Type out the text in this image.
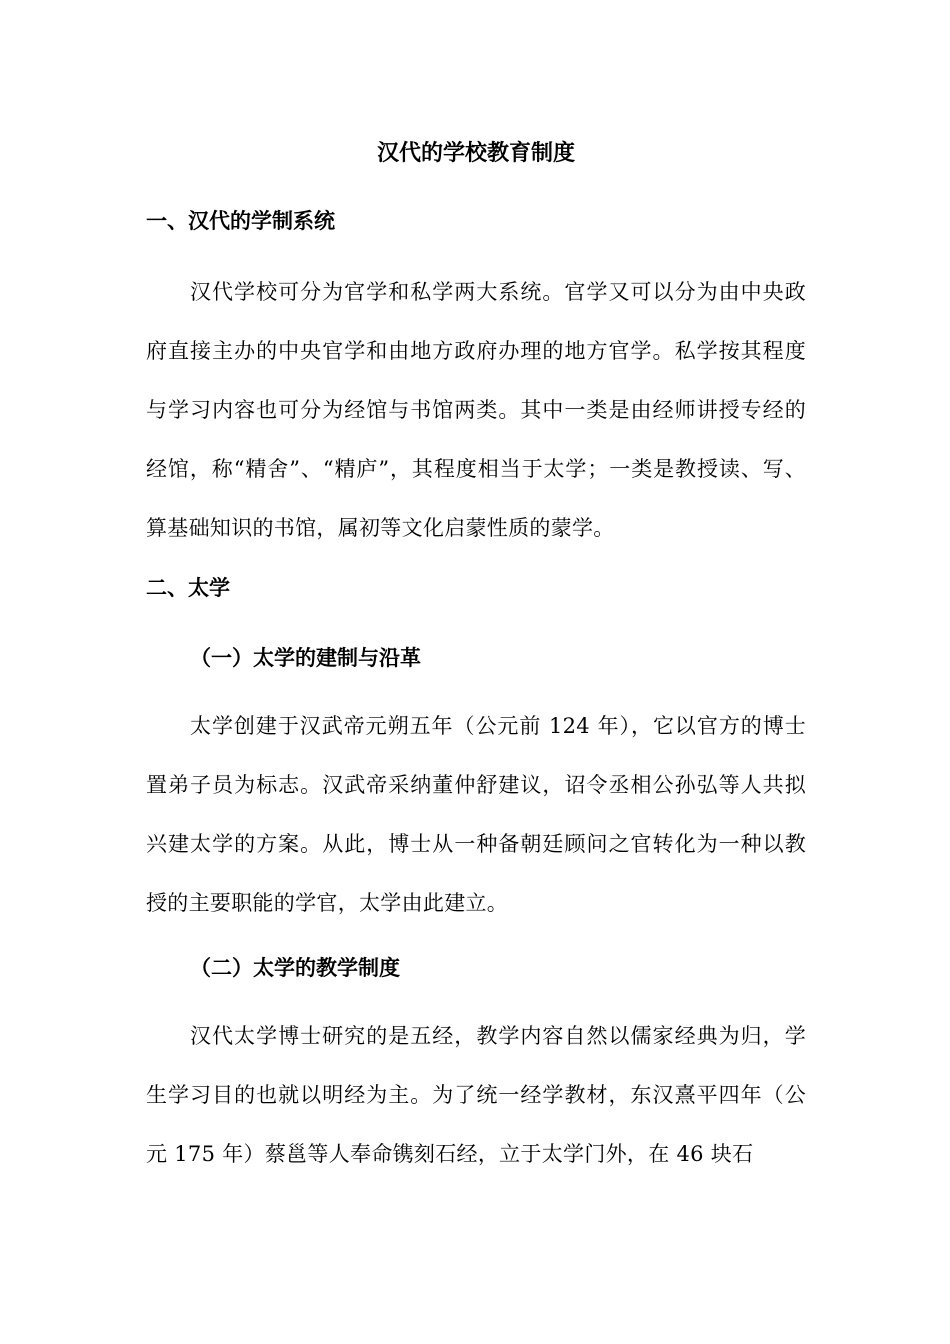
汉代的学校教育制度
一、汉代的学制系统

汉代学校可分为官学和私学两大系统。官学又可以分为由中央政府直接主办的中央官学和由地方政府办理的地方官学。私学按其程度与学习内容也可分为经馆与书馆两类。其中一类是由经师讲授专经的经馆，称“精舍”、“精庐”，其程度相当于太学；一类是教授读、写、算基础知识的书馆，属初等文化启蒙性质的蒙学。

二、太学
（一）太学的建制与沿革

太学创建于汉武帝元朔五年（公元前 124 年），它以官方的博士置弟子员为标志。汉武帝采纳董仲舒建议，诏令丞相公孙弘等人共拟兴建太学的方案。从此，博士从一种备朝廷顾问之官转化为一种以教授的主要职能的学官，太学由此建立。

（二）太学的教学制度

汉代太学博士研究的是五经，教学内容自然以儒家经典为归，学生学习目的也就以明经为主。为了统一经学教材，东汉熹平四年（公元 175 年）蔡邕等人奉命镌刻石经，立于太学门外，在 46 块石
